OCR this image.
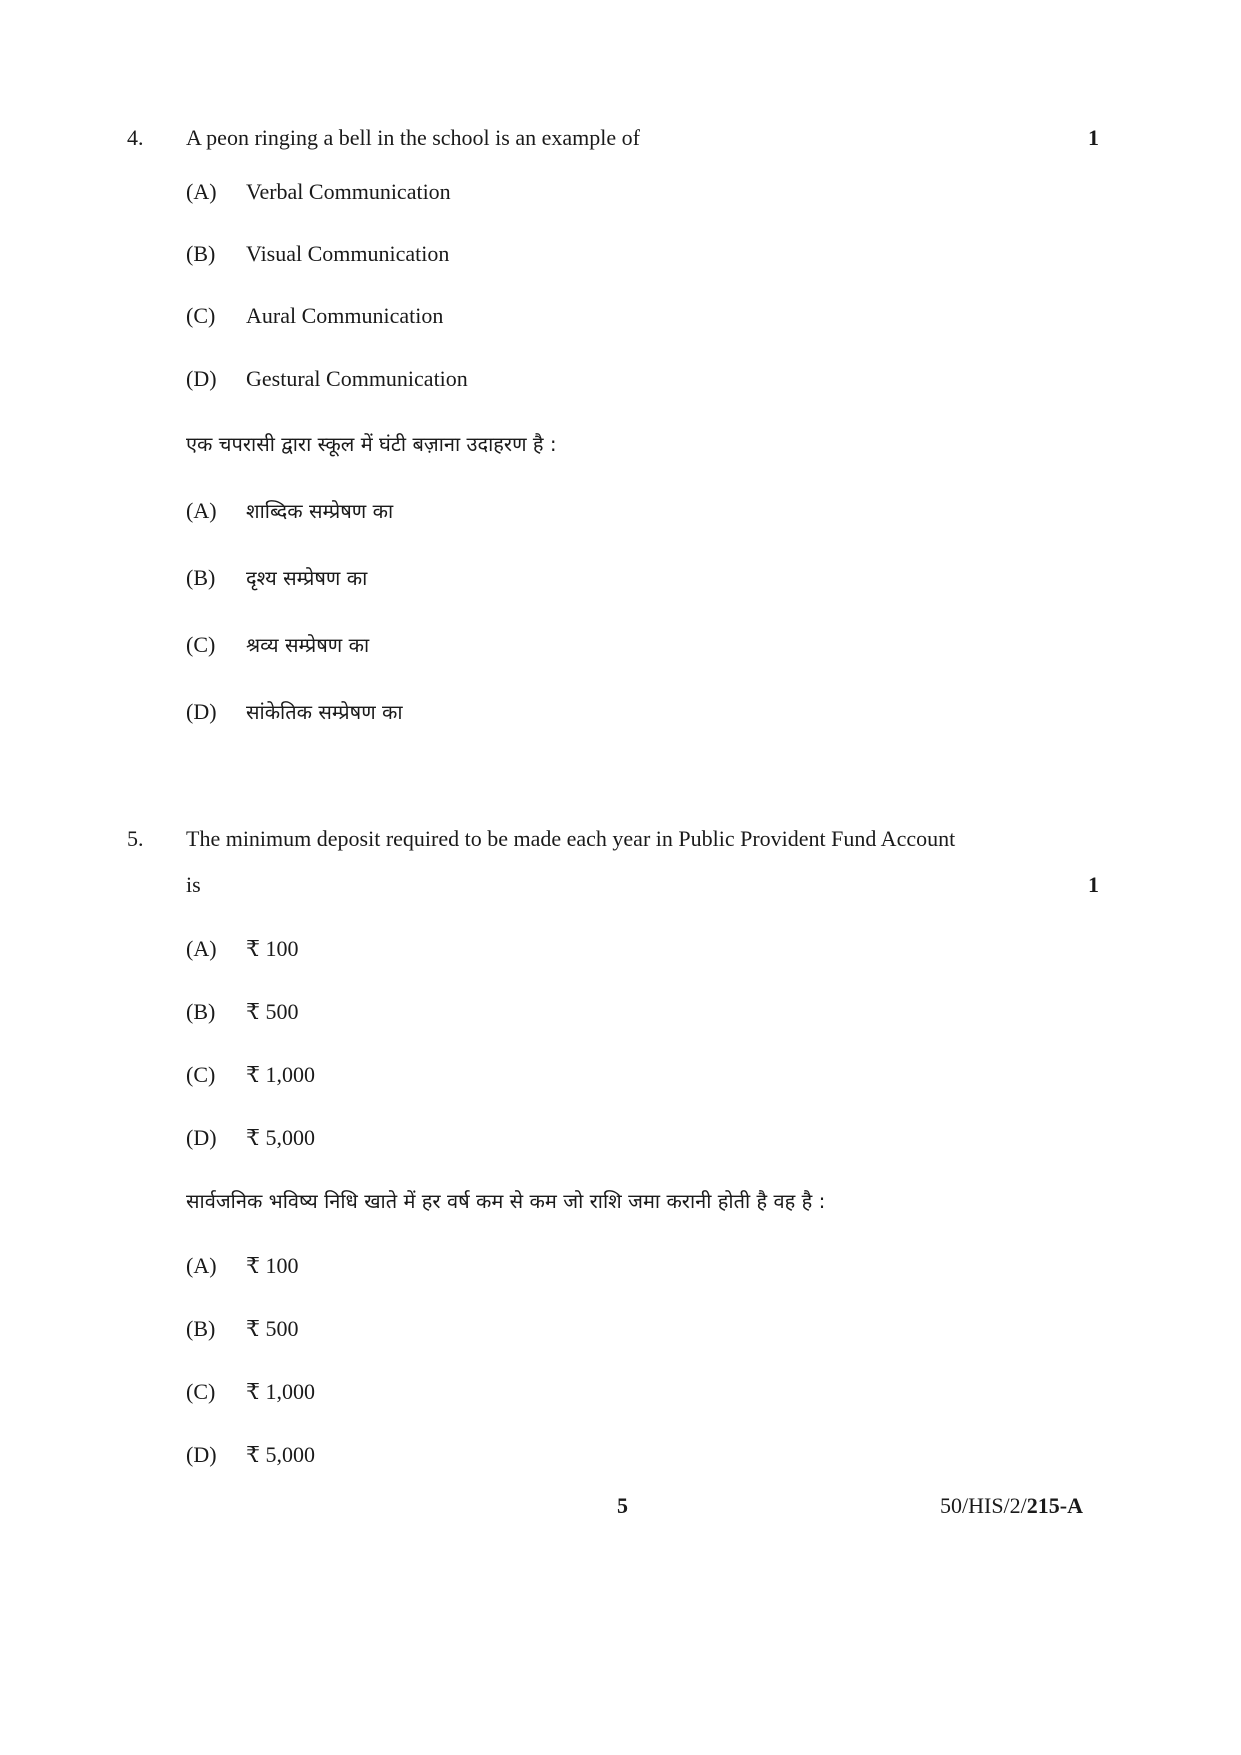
4. A peon ringing a bell in the school is an example of	1
(A) Verbal Communication
(B) Visual Communication
(C) Aural Communication
(D) Gestural Communication
एक चपरासी द्वारा स्कूल में घंटी बज़ाना उदाहरण है :
(A) शाब्दिक सम्प्रेषण का
(B) दृश्य सम्प्रेषण का
(C) श्रव्य सम्प्रेषण का
(D) सांकेतिक सम्प्रेषण का
5. The minimum deposit required to be made each year in Public Provident Fund Account
is	1
(A) ₹ 100
(B) ₹ 500
(C) ₹ 1,000
(D) ₹ 5,000
सार्वजनिक भविष्य निधि खाते में हर वर्ष कम से कम जो राशि जमा करानी होती है वह है :
(A) ₹ 100
(B) ₹ 500
(C) ₹ 1,000
(D) ₹ 5,000
5	50/HIS/2/215-A
